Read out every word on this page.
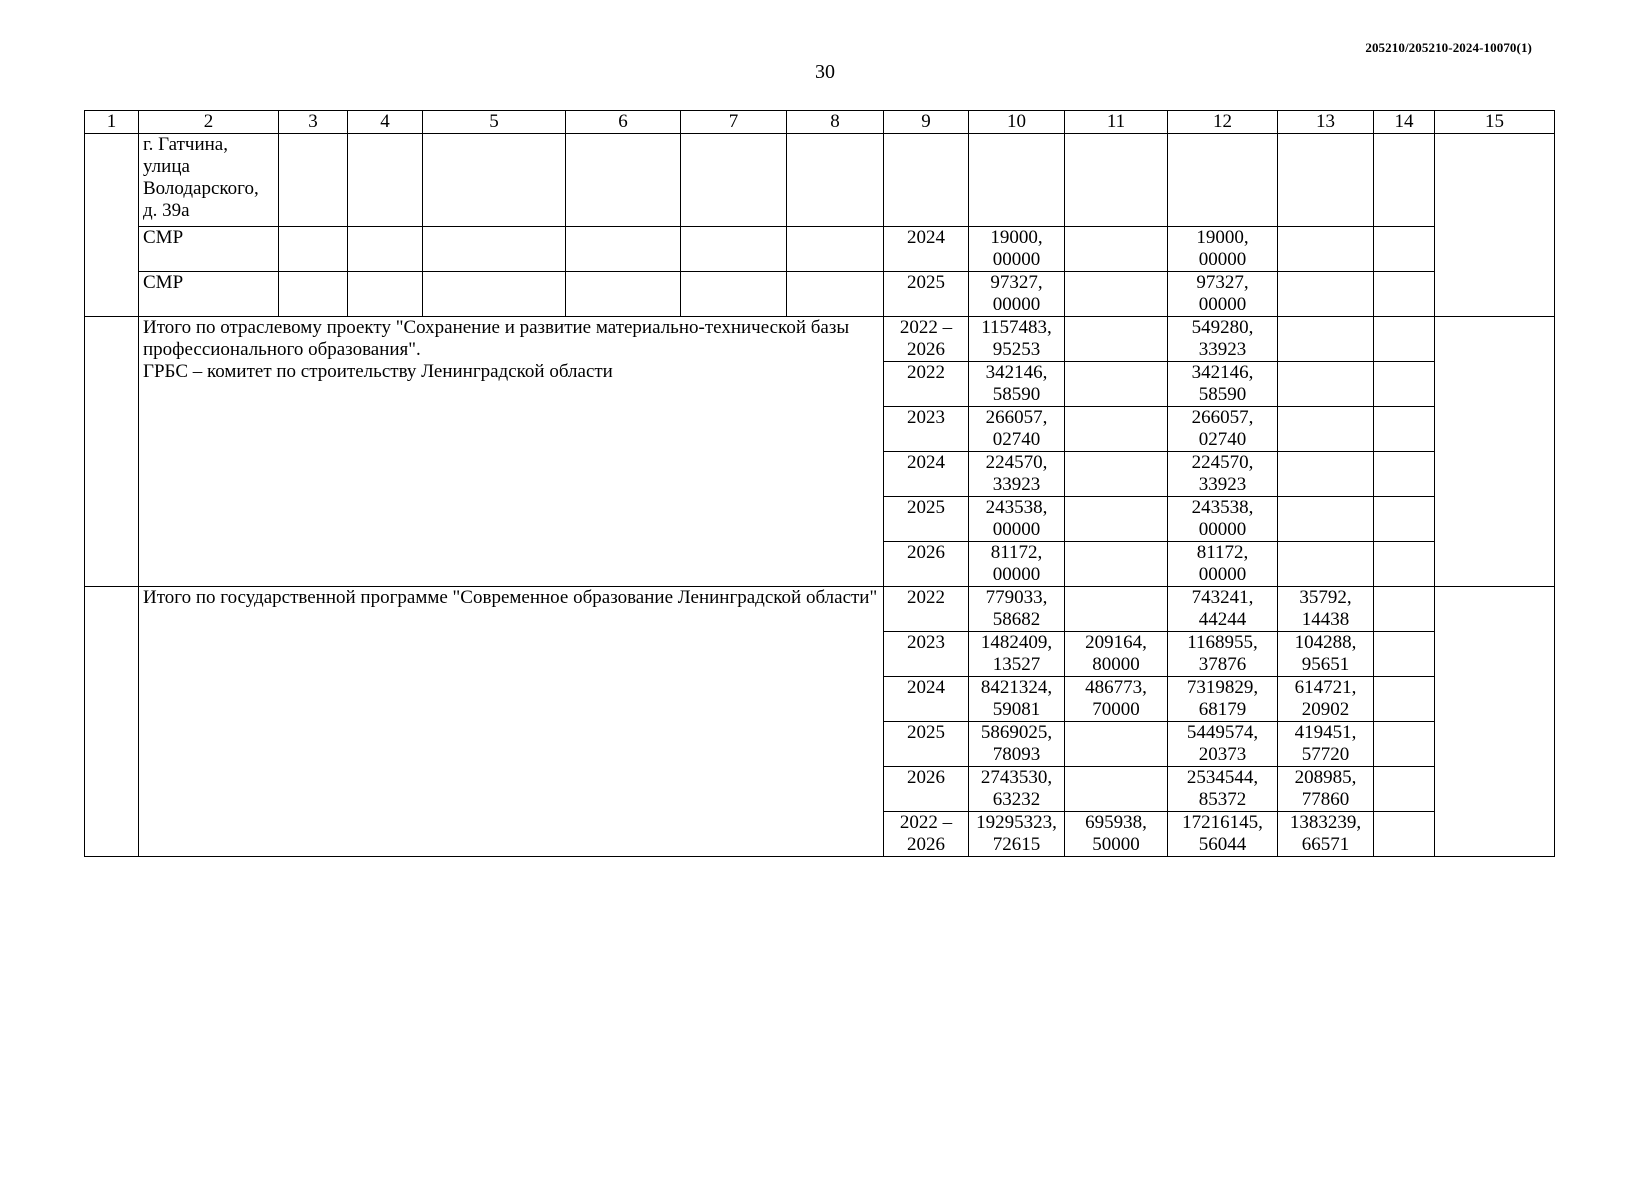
205210/205210-2024-10070(1)
30
1	2	3	4	5	6	7	8	9	10	11	12	13	14	15
	г. Гатчина,
улица
Володарского,
д. 39а													
	СМР							2024	19000,
00000		19000,
00000			
	СМР							2025	97327,
00000		97327,
00000			
	Итого по отраслевому проекту "Сохранение и развитие материально-технической базы профессионального образования".
ГРБС – комитет по строительству Ленинградской области							2022 –
2026	1157483,
95253		549280,
33923			
								2022	342146,
58590		342146,
58590			
								2023	266057,
02740		266057,
02740			
								2024	224570,
33923		224570,
33923			
								2025	243538,
00000		243538,
00000			
								2026	81172,
00000		81172,
00000			
	Итого по государственной программе "Современное образование Ленинградской области"							2022	779033,
58682		743241,
44244	35792,
14438		
								2023	1482409,
13527	209164,
80000	1168955,
37876	104288,
95651		
								2024	8421324,
59081	486773,
70000	7319829,
68179	614721,
20902		
								2025	5869025,
78093		5449574,
20373	419451,
57720		
								2026	2743530,
63232		2534544,
85372	208985,
77860		
								2022 –
2026	19295323,
72615	695938,
50000	17216145,
56044	1383239,
66571		
